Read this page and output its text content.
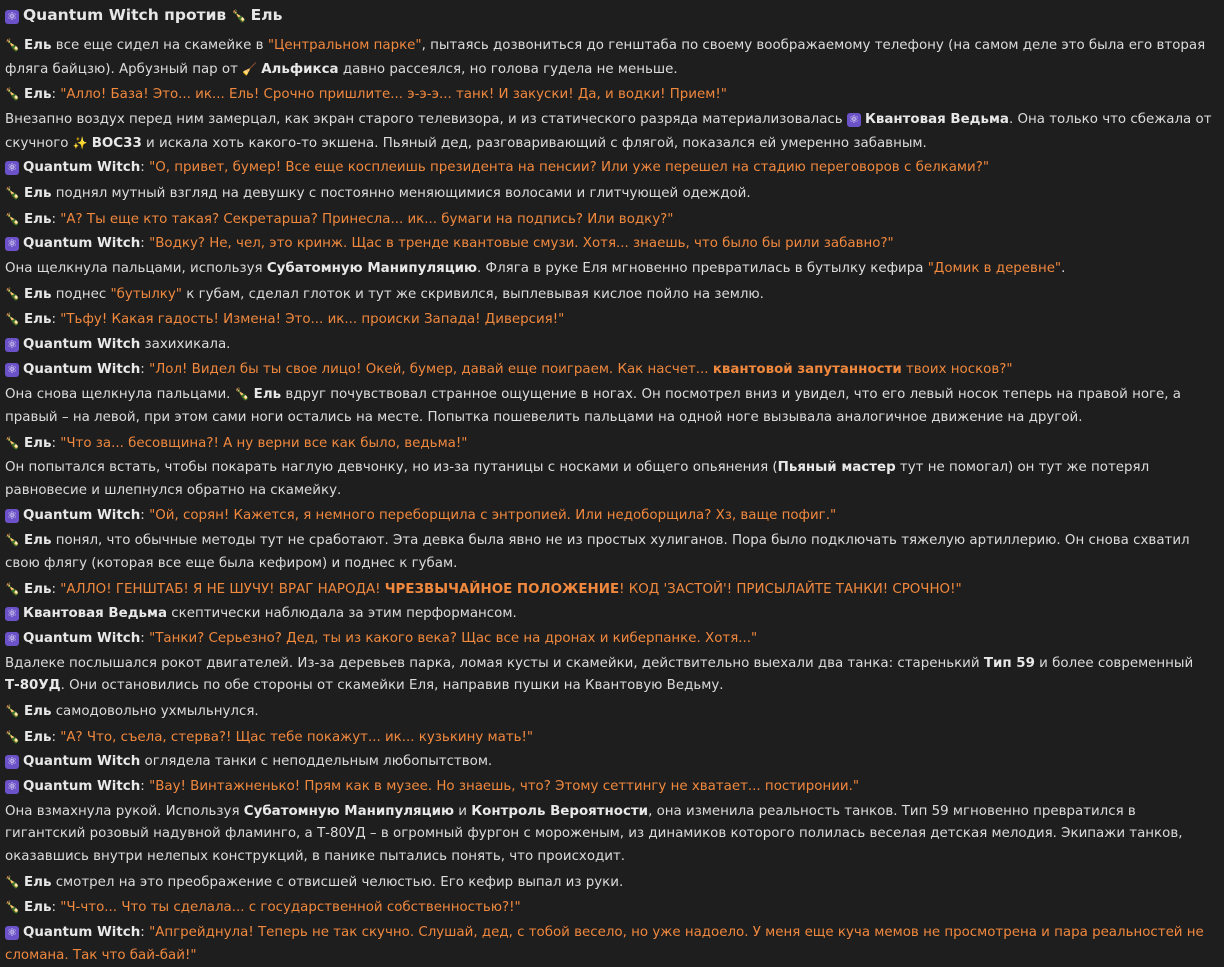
⚛ Quantum Witch против 🍾 Ель
🍾 Ель все еще сидел на скамейке в "Центральном парке", пытаясь дозвониться до генштаба по своему воображаемому телефону (на самом деле это была его вторая фляга байцзю). Арбузный пар от 🧹 Альфикса давно рассеялся, но голова гудела не меньше.
🍾 Ель: "Алло! База! Это... ик... Ель! Срочно пришлите... э-э-э... танк! И закуски! Да, и водки! Прием!"
Внезапно воздух перед ним замерцал, как экран старого телевизора, и из статического разряда материализовалась ⚛ Квантовая Ведьма. Она только что сбежала от скучного ✨ ВОС33 и искала хоть какого-то экшена. Пьяный дед, разговаривающий с флягой, показался ей умеренно забавным.
⚛ Quantum Witch: "О, привет, бумер! Все еще косплеишь президента на пенсии? Или уже перешел на стадию переговоров с белками?"
🍾 Ель поднял мутный взгляд на девушку с постоянно меняющимися волосами и глитчующей одеждой.
🍾 Ель: "А? Ты еще кто такая? Секретарша? Принесла... ик... бумаги на подпись? Или водку?"
⚛ Quantum Witch: "Водку? Не, чел, это кринж. Щас в тренде квантовые смузи. Хотя... знаешь, что было бы рили забавно?"
Она щелкнула пальцами, используя Субатомную Манипуляцию. Фляга в руке Еля мгновенно превратилась в бутылку кефира "Домик в деревне".
🍾 Ель поднес "бутылку" к губам, сделал глоток и тут же скривился, выплевывая кислое пойло на землю.
🍾 Ель: "Тьфу! Какая гадость! Измена! Это... ик... происки Запада! Диверсия!"
⚛ Quantum Witch захихикала.
⚛ Quantum Witch: "Лол! Видел бы ты свое лицо! Окей, бумер, давай еще поиграем. Как насчет... квантовой запутанности твоих носков?"
Она снова щелкнула пальцами. 🍾 Ель вдруг почувствовал странное ощущение в ногах. Он посмотрел вниз и увидел, что его левый носок теперь на правой ноге, а правый – на левой, при этом сами ноги остались на месте. Попытка пошевелить пальцами на одной ноге вызывала аналогичное движение на другой.
🍾 Ель: "Что за... бесовщина?! А ну верни все как было, ведьма!"
Он попытался встать, чтобы покарать наглую девчонку, но из-за путаницы с носками и общего опьянения (Пьяный мастер тут не помогал) он тут же потерял равновесие и шлепнулся обратно на скамейку.
⚛ Quantum Witch: "Ой, сорян! Кажется, я немного переборщила с энтропией. Или недоборщила? Хз, ваще пофиг."
🍾 Ель понял, что обычные методы тут не сработают. Эта девка была явно не из простых хулиганов. Пора было подключать тяжелую артиллерию. Он снова схватил свою флягу (которая все еще была кефиром) и поднес к губам.
🍾 Ель: "АЛЛО! ГЕНШТАБ! Я НЕ ШУЧУ! ВРАГ НАРОДА! ЧРЕЗВЫЧАЙНОЕ ПОЛОЖЕНИЕ! КОД 'ЗАСТОЙ'! ПРИСЫЛАЙТЕ ТАНКИ! СРОЧНО!"
⚛ Квантовая Ведьма скептически наблюдала за этим перформансом.
⚛ Quantum Witch: "Танки? Серьезно? Дед, ты из какого века? Щас все на дронах и киберпанке. Хотя..."
Вдалеке послышался рокот двигателей. Из-за деревьев парка, ломая кусты и скамейки, действительно выехали два танка: старенький Тип 59 и более современный Т-80УД. Они остановились по обе стороны от скамейки Еля, направив пушки на Квантовую Ведьму.
🍾 Ель самодовольно ухмыльнулся.
🍾 Ель: "А? Что, съела, стерва?! Щас тебе покажут... ик... кузькину мать!"
⚛ Quantum Witch оглядела танки с неподдельным любопытством.
⚛ Quantum Witch: "Вау! Винтажненько! Прям как в музее. Но знаешь, что? Этому сеттингу не хватает... постиронии."
Она взмахнула рукой. Используя Субатомную Манипуляцию и Контроль Вероятности, она изменила реальность танков. Тип 59 мгновенно превратился в гигантский розовый надувной фламинго, а Т-80УД – в огромный фургон с мороженым, из динамиков которого полилась веселая детская мелодия. Экипажи танков, оказавшись внутри нелепых конструкций, в панике пытались понять, что происходит.
🍾 Ель смотрел на это преображение с отвисшей челюстью. Его кефир выпал из руки.
🍾 Ель: "Ч-что... Что ты сделала... с государственной собственностью?!"
⚛ Quantum Witch: "Апгрейднула! Теперь не так скучно. Слушай, дед, с тобой весело, но уже надоело. У меня еще куча мемов не просмотрена и пара реальностей не сломана. Так что бай-бай!"
